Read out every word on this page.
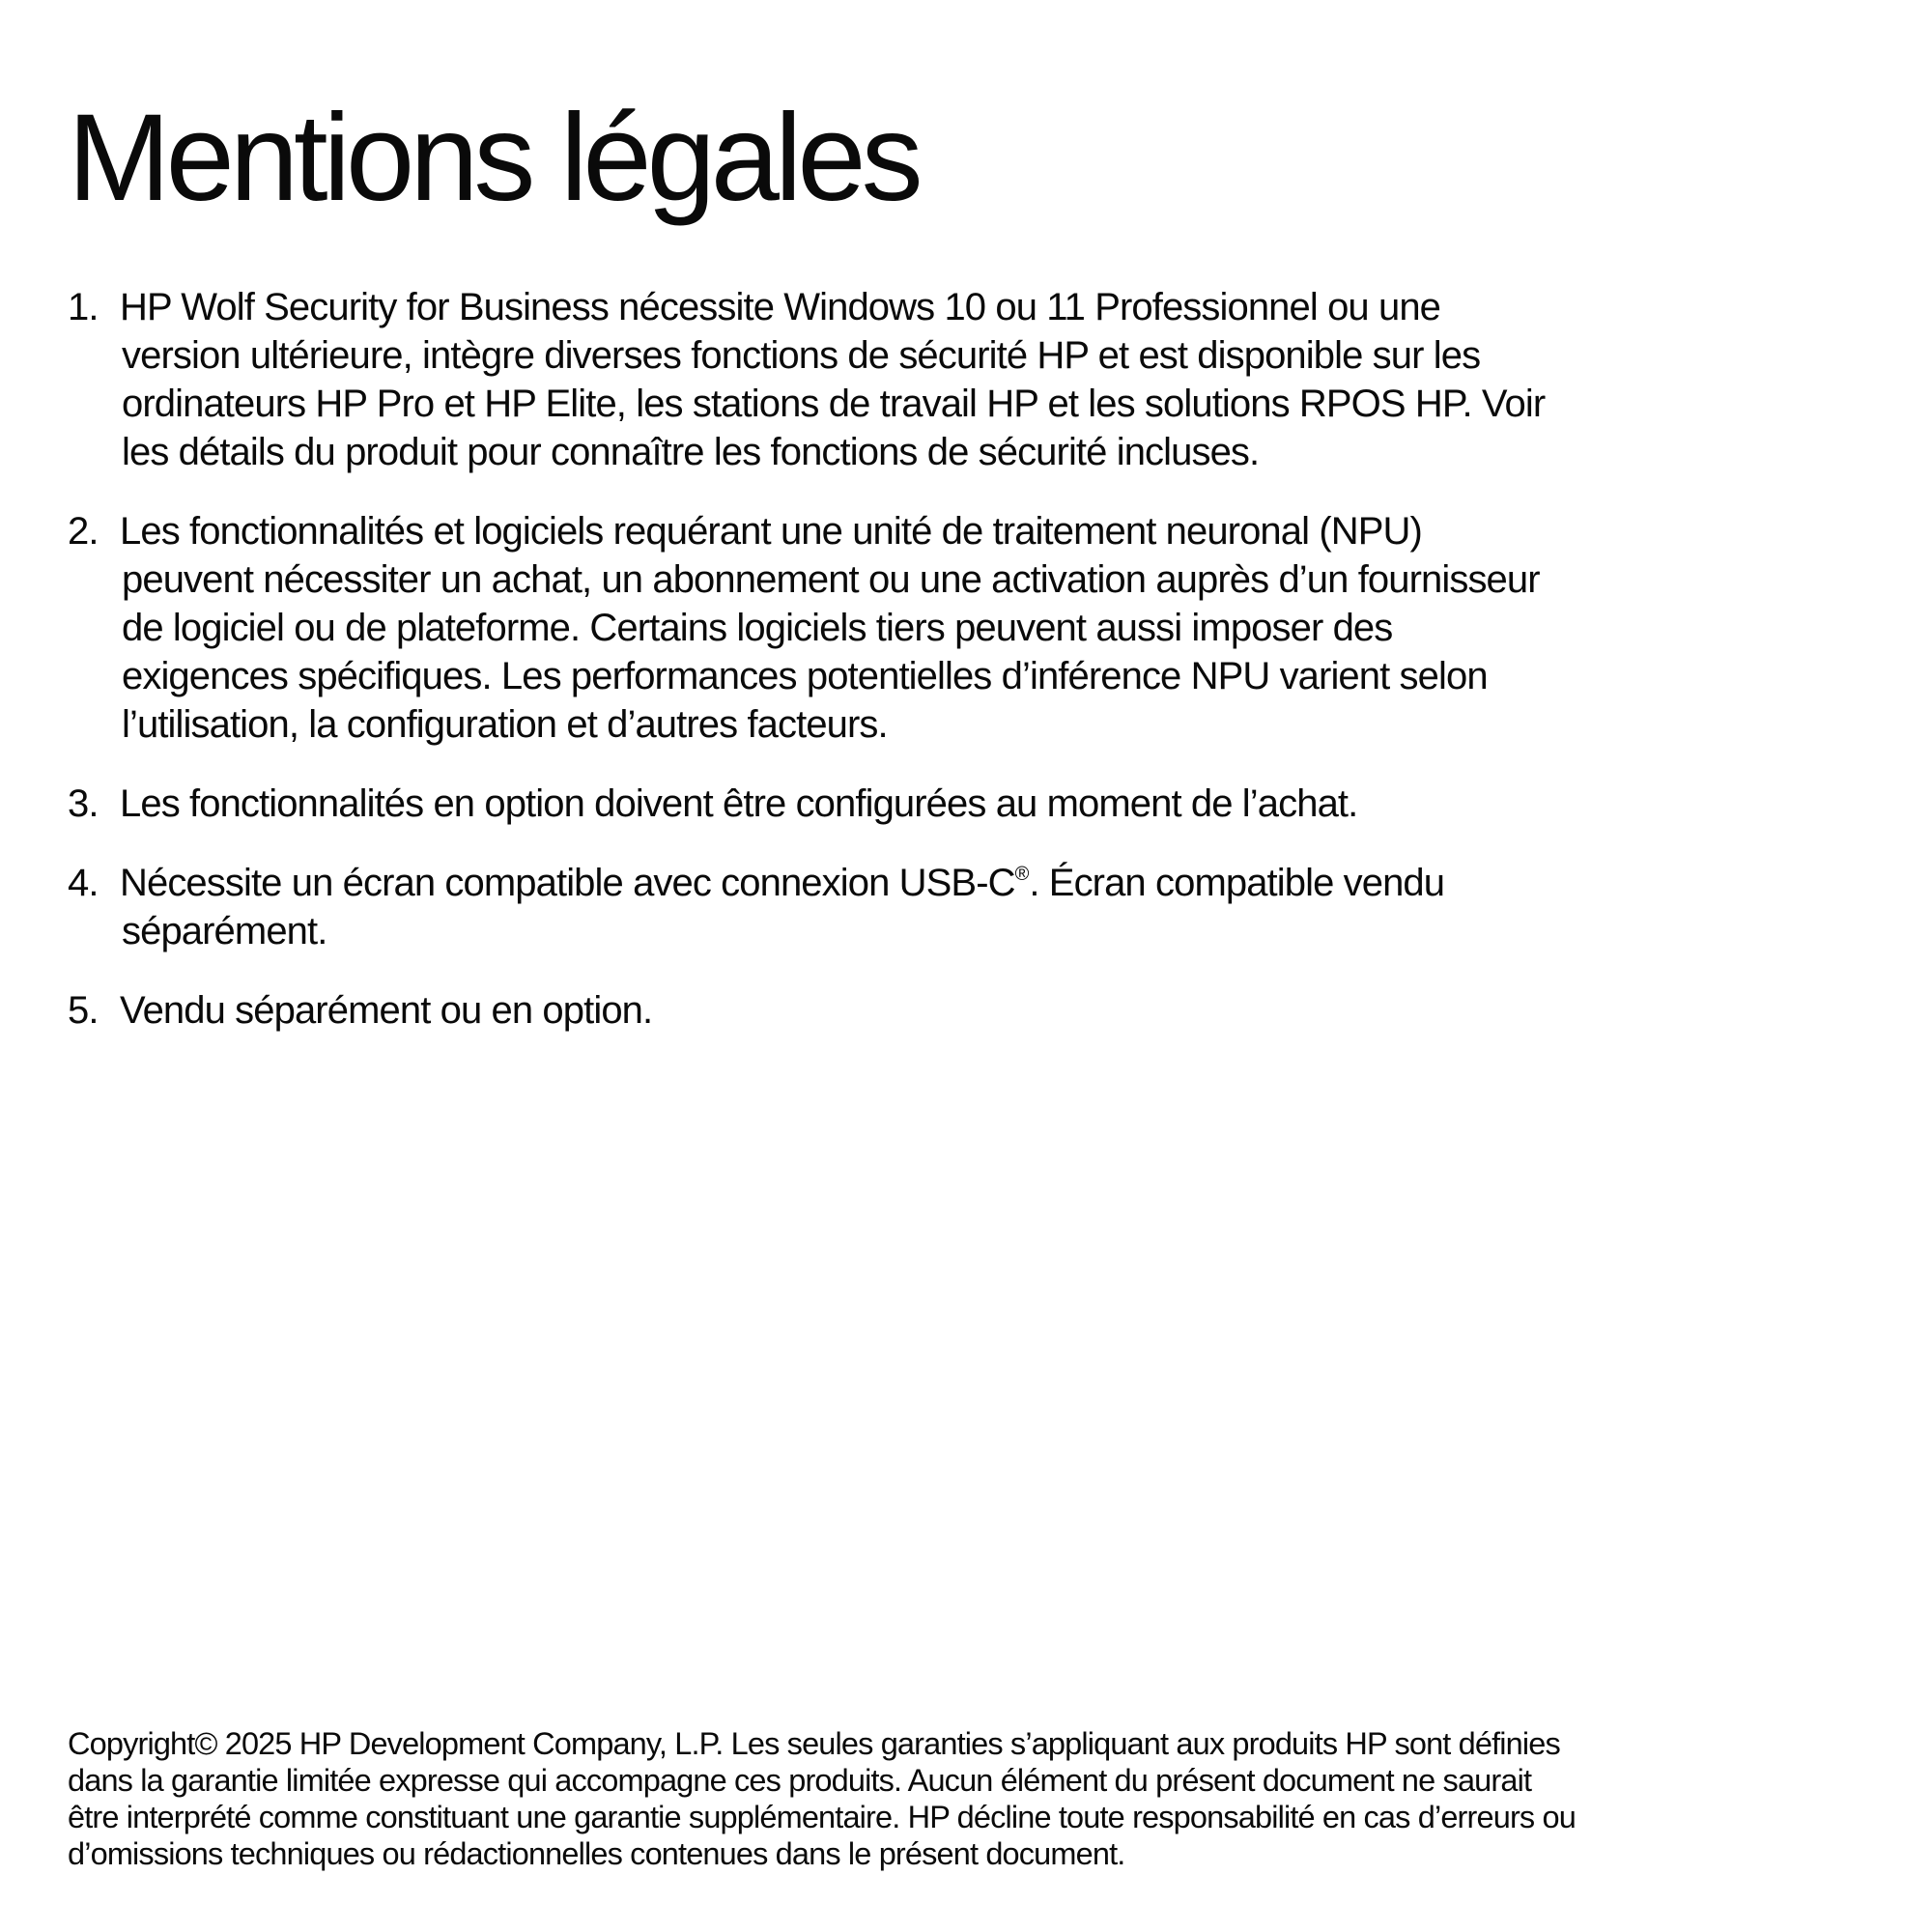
Mentions légales
1. HP Wolf Security for Business nécessite Windows 10 ou 11 Professionnel ou une
version ultérieure, intègre diverses fonctions de sécurité HP et est disponible sur les
ordinateurs HP Pro et HP Elite, les stations de travail HP et les solutions RPOS HP. Voir
les détails du produit pour connaître les fonctions de sécurité incluses.
2. Les fonctionnalités et logiciels requérant une unité de traitement neuronal (NPU)
peuvent nécessiter un achat, un abonnement ou une activation auprès d’un fournisseur
de logiciel ou de plateforme. Certains logiciels tiers peuvent aussi imposer des
exigences spécifiques. Les performances potentielles d’inférence NPU varient selon
l’utilisation, la configuration et d’autres facteurs.
3. Les fonctionnalités en option doivent être configurées au moment de l’achat.
4. Nécessite un écran compatible avec connexion USB-C®. Écran compatible vendu
séparément.
5. Vendu séparément ou en option.
Copyright© 2025 HP Development Company, L.P. Les seules garanties s’appliquant aux produits HP sont définies
dans la garantie limitée expresse qui accompagne ces produits. Aucun élément du présent document ne saurait
être interprété comme constituant une garantie supplémentaire. HP décline toute responsabilité en cas d’erreurs ou
d’omissions techniques ou rédactionnelles contenues dans le présent document.
